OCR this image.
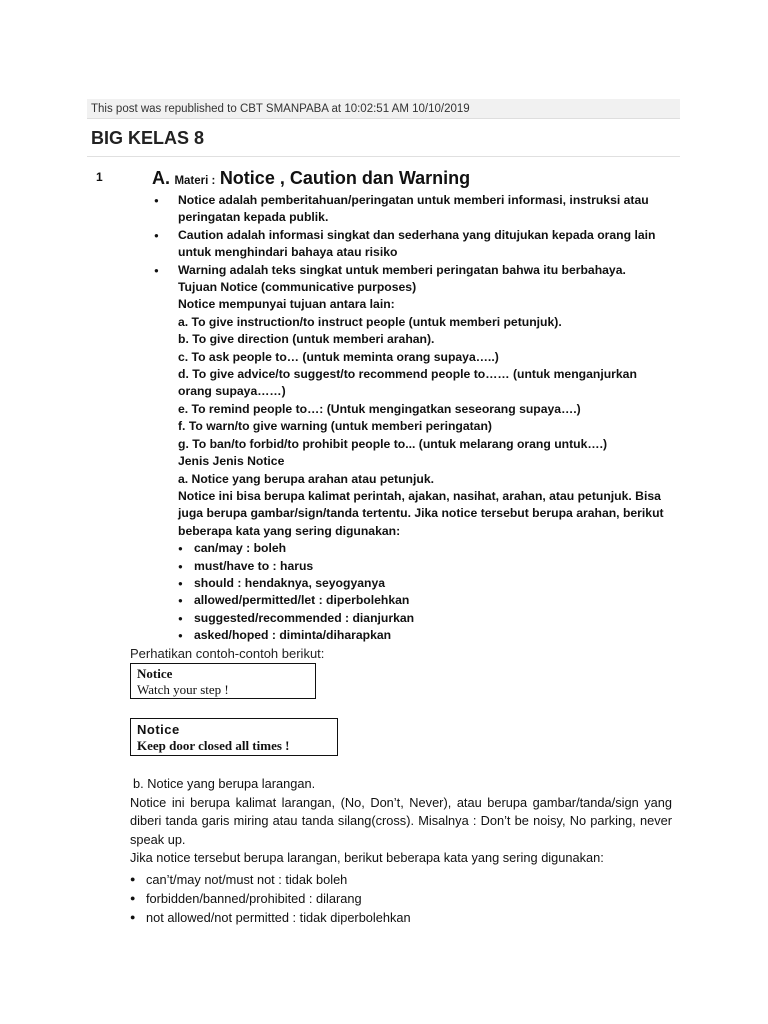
This post was republished to CBT SMANPABA at 10:02:51 AM 10/10/2019
BIG KELAS 8
1	A. Materi : Notice , Caution dan Warning
● Notice adalah pemberitahuan/peringatan untuk memberi informasi, instruksi atau peringatan kepada publik.
● Caution adalah informasi singkat dan sederhana yang ditujukan kepada orang lain untuk menghindari bahaya atau risiko
● Warning adalah teks singkat untuk memberi peringatan bahwa itu berbahaya.
Tujuan Notice (communicative purposes)
Notice mempunyai tujuan antara lain:
a. To give instruction/to instruct people (untuk memberi petunjuk).
b. To give direction (untuk memberi arahan).
c. To ask people to… (untuk meminta orang supaya…..)
d. To give advice/to suggest/to recommend people to…… (untuk menganjurkan orang supaya……)
e. To remind people to…: (Untuk mengingatkan seseorang supaya….)
f. To warn/to give warning (untuk memberi peringatan)
g. To ban/to forbid/to prohibit people to... (untuk melarang orang untuk….)
Jenis Jenis Notice
a. Notice yang berupa arahan atau petunjuk.
Notice ini bisa berupa kalimat perintah, ajakan, nasihat, arahan, atau petunjuk. Bisa juga berupa gambar/sign/tanda tertentu. Jika notice tersebut berupa arahan, berikut beberapa kata yang sering digunakan:
● can/may : boleh
● must/have to : harus
● should : hendaknya, seyogyanya
● allowed/permitted/let : diperbolehkan
● suggested/recommended : dianjurkan
● asked/hoped : diminta/diharapkan
Perhatikan contoh-contoh berikut:
Notice
Watch your step !
Notice
Keep door closed all times !
b. Notice yang berupa larangan.
Notice ini berupa kalimat larangan, (No, Don’t, Never), atau berupa gambar/tanda/sign yang diberi tanda garis miring atau tanda silang(cross). Misalnya : Don’t be noisy, No parking, never speak up.
Jika notice tersebut berupa larangan, berikut beberapa kata yang sering digunakan:
● can’t/may not/must not : tidak boleh
● forbidden/banned/prohibited : dilarang
● not allowed/not permitted : tidak diperbolehkan
